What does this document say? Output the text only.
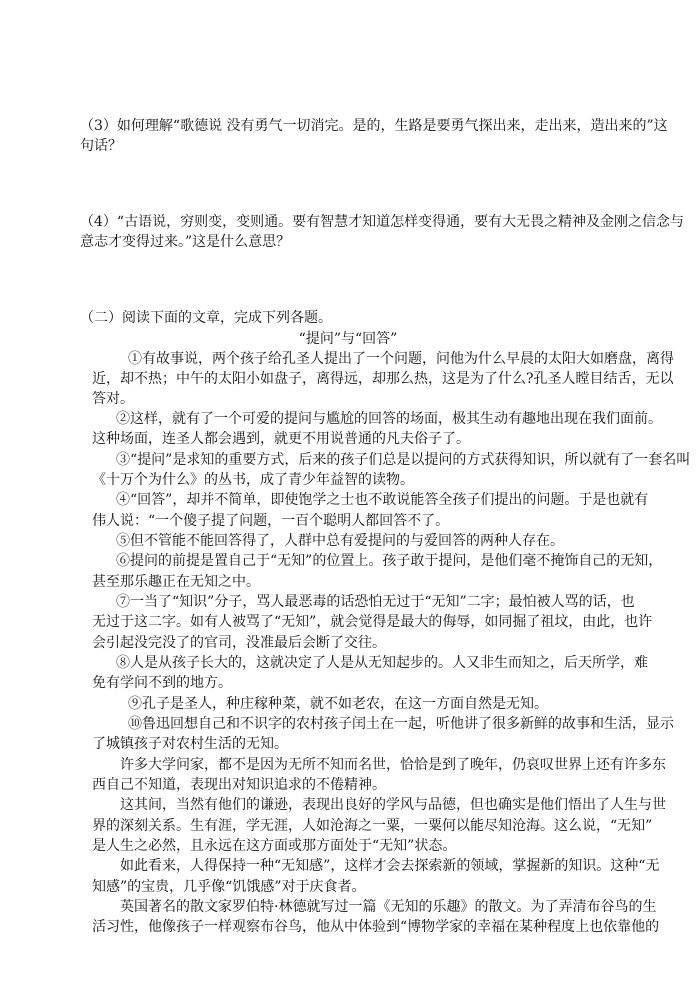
（3）如何理解“歌德说 没有勇气一切消完。是的，生路是要勇气探出来，走出来，造出来的”这
句话？
（4）“古语说，穷则变，变则通。要有智慧才知道怎样变得通，要有大无畏之精神及金刚之信念与
意志才变得过来。”这是什么意思？
（二）阅读下面的文章，完成下列各题。
“提问”与“回答”
①有故事说，两个孩子给孔圣人提出了一个问题，问他为什么早晨的太阳大如磨盘，离得
近，却不热；中午的太阳小如盘子，离得远，却那么热，这是为了什么?孔圣人瞠目结舌，无以
答对。
②这样，就有了一个可爱的提问与尴尬的回答的场面，极其生动有趣地出现在我们面前。
这种场面，连圣人都会遇到，就更不用说普通的凡夫俗子了。
③“提问”是求知的重要方式，后来的孩子们总是以提问的方式获得知识，所以就有了一套名叫
《十万个为什么》的丛书，成了青少年益智的读物。
④“回答”，却并不简单，即使饱学之士也不敢说能答全孩子们提出的问题。于是也就有
伟人说：“一个傻子提了问题，一百个聪明人都回答不了。
⑤但不管能不能回答得了，人群中总有爱提问的与爱回答的两种人存在。
⑥提问的前提是置自己于“无知”的位置上。孩子敢于提问，是他们毫不掩饰自己的无知，
甚至那乐趣正在无知之中。
⑦一当了“知识”分子，骂人最恶毒的话恐怕无过于“无知”二字；最怕被人骂的话，也
无过于这二字。如有人被骂了“无知”，就会觉得是最大的侮辱，如同掘了祖坟，由此，也许
会引起没完没了的官司，没准最后会断了交往。
⑧人是从孩子长大的，这就决定了人是从无知起步的。人又非生而知之，后天所学，难
免有学问不到的地方。
⑨孔子是圣人，种庄稼种菜，就不如老农，在这一方面自然是无知。
⑩鲁迅回想自己和不识字的农村孩子闰土在一起，听他讲了很多新鲜的故事和生活，显示
了城镇孩子对农村生活的无知。
许多大学问家，都不是因为无所不知而名世，恰恰是到了晚年，仍哀叹世界上还有许多东
西自己不知道，表现出对知识追求的不倦精神。
这其间，当然有他们的谦逊，表现出良好的学风与品德，但也确实是他们悟出了人生与世
界的深刻关系。生有涯，学无涯，人如沧海之一粟，一粟何以能尽知沧海。这么说，“无知”
是人生之必然，且永远在这方面或那方面处于“无知”状态。
如此看来，人得保持一种“无知感”，这样才会去探索新的领域，掌握新的知识。这种“无
知感”的宝贵，几乎像“饥饿感”对于庆食者。
英国著名的散文家罗伯特·林德就写过一篇《无知的乐趣》的散文。为了弄清布谷鸟的生
活习性，他像孩子一样观察布谷鸟，他从中体验到“博物学家的幸福在某种程度上也依靠他的
